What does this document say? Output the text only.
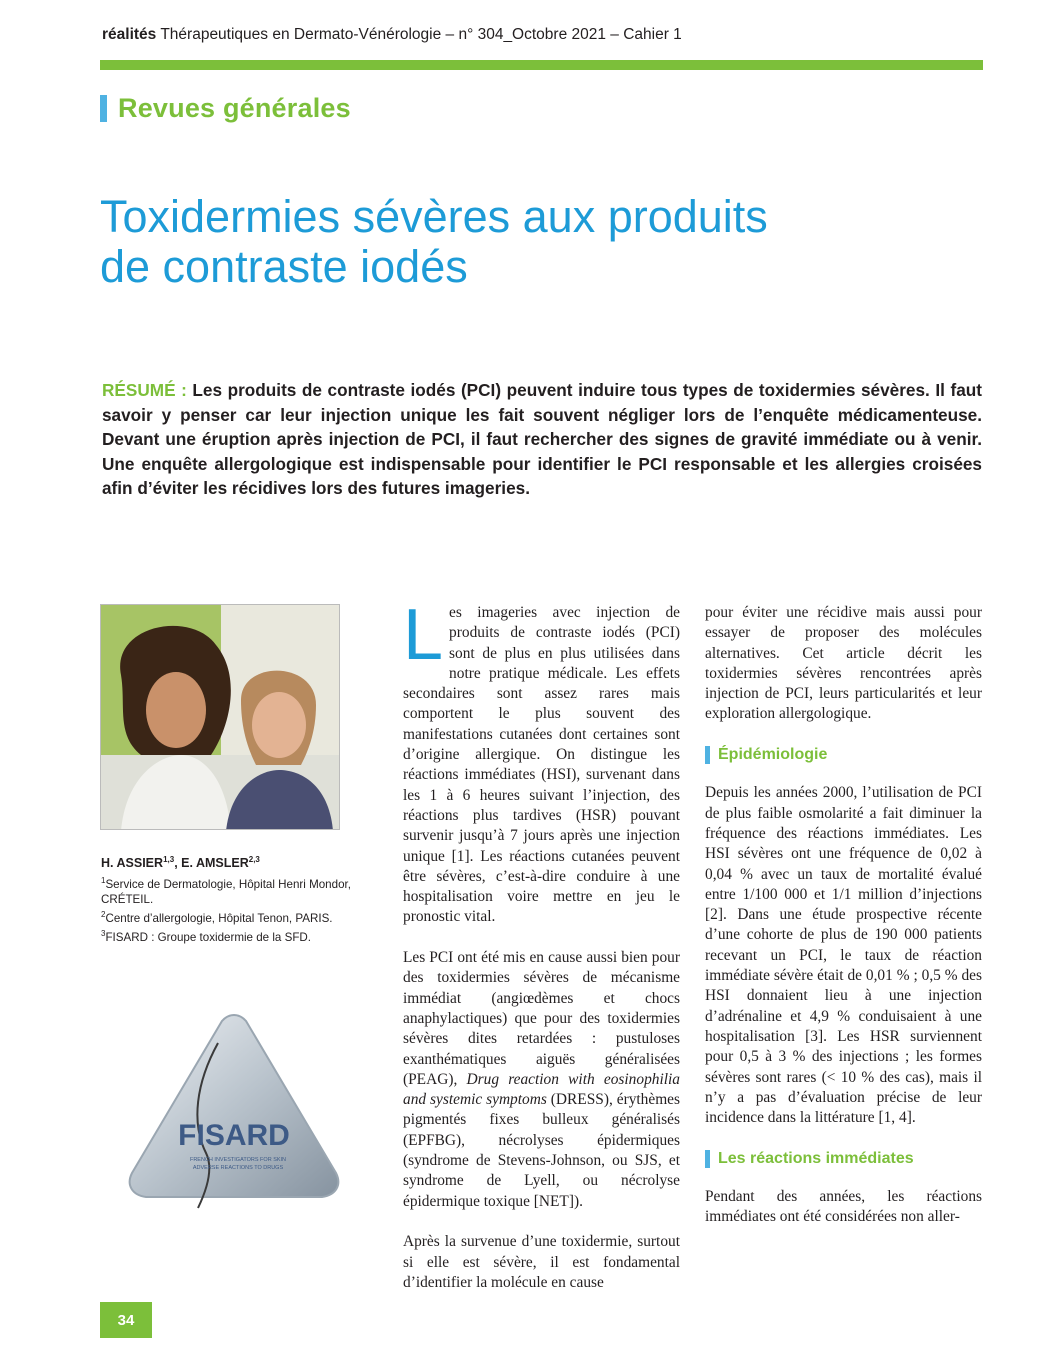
réalités Thérapeutiques en Dermato-Vénérologie – n° 304_Octobre 2021 – Cahier 1
Revues générales
Toxidermies sévères aux produits
de contraste iodés

RÉSUMÉ : Les produits de contraste iodés (PCI) peuvent induire tous types de toxidermies sévères. Il faut savoir y penser car leur injection unique les fait souvent négliger lors de l’enquête médicamenteuse. Devant une éruption après injection de PCI, il faut rechercher des signes de gravité immédiate ou à venir. Une enquête allergologique est indispensable pour identifier le PCI responsable et les allergies croisées afin d’éviter les récidives lors des futures imageries.

H. ASSIER$^{1,3}$, E. AMSLER$^{2,3}$
$^1$Service de Dermatologie, Hôpital Henri Mondor, CRÉTEIL.
$^2$Centre d’allergologie, Hôpital Tenon, PARIS.
$^3$FISARD : Groupe toxidermie de la SFD.
FISARD
FRENCH INVESTIGATORS FOR SKIN
ADVERSE REACTIONS TO DRUGS

Les imageries avec injection de produits de contraste iodés (PCI) sont de plus en plus utilisées dans notre pratique médicale. Les effets secondaires sont assez rares mais comportent le plus souvent des manifestations cutanées dont certaines sont d’origine allergique. On distingue les réactions immédiates (HSI), survenant dans les 1 à 6 heures suivant l’injection, des réactions plus tardives (HSR) pouvant survenir jusqu’à 7 jours après une injection unique [1]. Les réactions cutanées peuvent être sévères, c’est-à-dire conduire à une hospitalisation voire mettre en jeu le pronostic vital.

Les PCI ont été mis en cause aussi bien pour des toxidermies sévères de mécanisme immédiat (angiœdèmes et chocs anaphylactiques) que pour des toxidermies sévères dites retardées : pustuloses exanthématiques aiguës généralisées (PEAG), Drug reaction with eosinophilia and systemic symptoms (DRESS), érythèmes pigmentés fixes bulleux généralisés (EPFBG), nécrolyses épidermiques (syndrome de Stevens-Johnson, ou SJS, et syndrome de Lyell, ou nécrolyse épidermique toxique [NET]).

Après la survenue d’une toxidermie, surtout si elle est sévère, il est fondamental d’identifier la molécule en cause

pour éviter une récidive mais aussi pour essayer de proposer des molécules alternatives. Cet article décrit les toxidermies sévères rencontrées après injection de PCI, leurs particularités et leur exploration allergologique.

Épidémiologie

Depuis les années 2000, l’utilisation de PCI de plus faible osmolarité a fait diminuer la fréquence des réactions immédiates. Les HSI sévères ont une fréquence de 0,02 à 0,04 % avec un taux de mortalité évalué entre 1/100 000 et 1/1 million d’injections [2]. Dans une étude prospective récente d’une cohorte de plus de 190 000 patients recevant un PCI, le taux de réaction immédiate sévère était de 0,01 % ; 0,5 % des HSI donnaient lieu à une injection d’adrénaline et 4,9 % conduisaient à une hospitalisation [3]. Les HSR surviennent pour 0,5 à 3 % des injections ; les formes sévères sont rares (< 10 % des cas), mais il n’y a pas d’évaluation précise de leur incidence dans la littérature [1, 4].

Les réactions immédiates

Pendant des années, les réactions immédiates ont été considérées non aller-

34
